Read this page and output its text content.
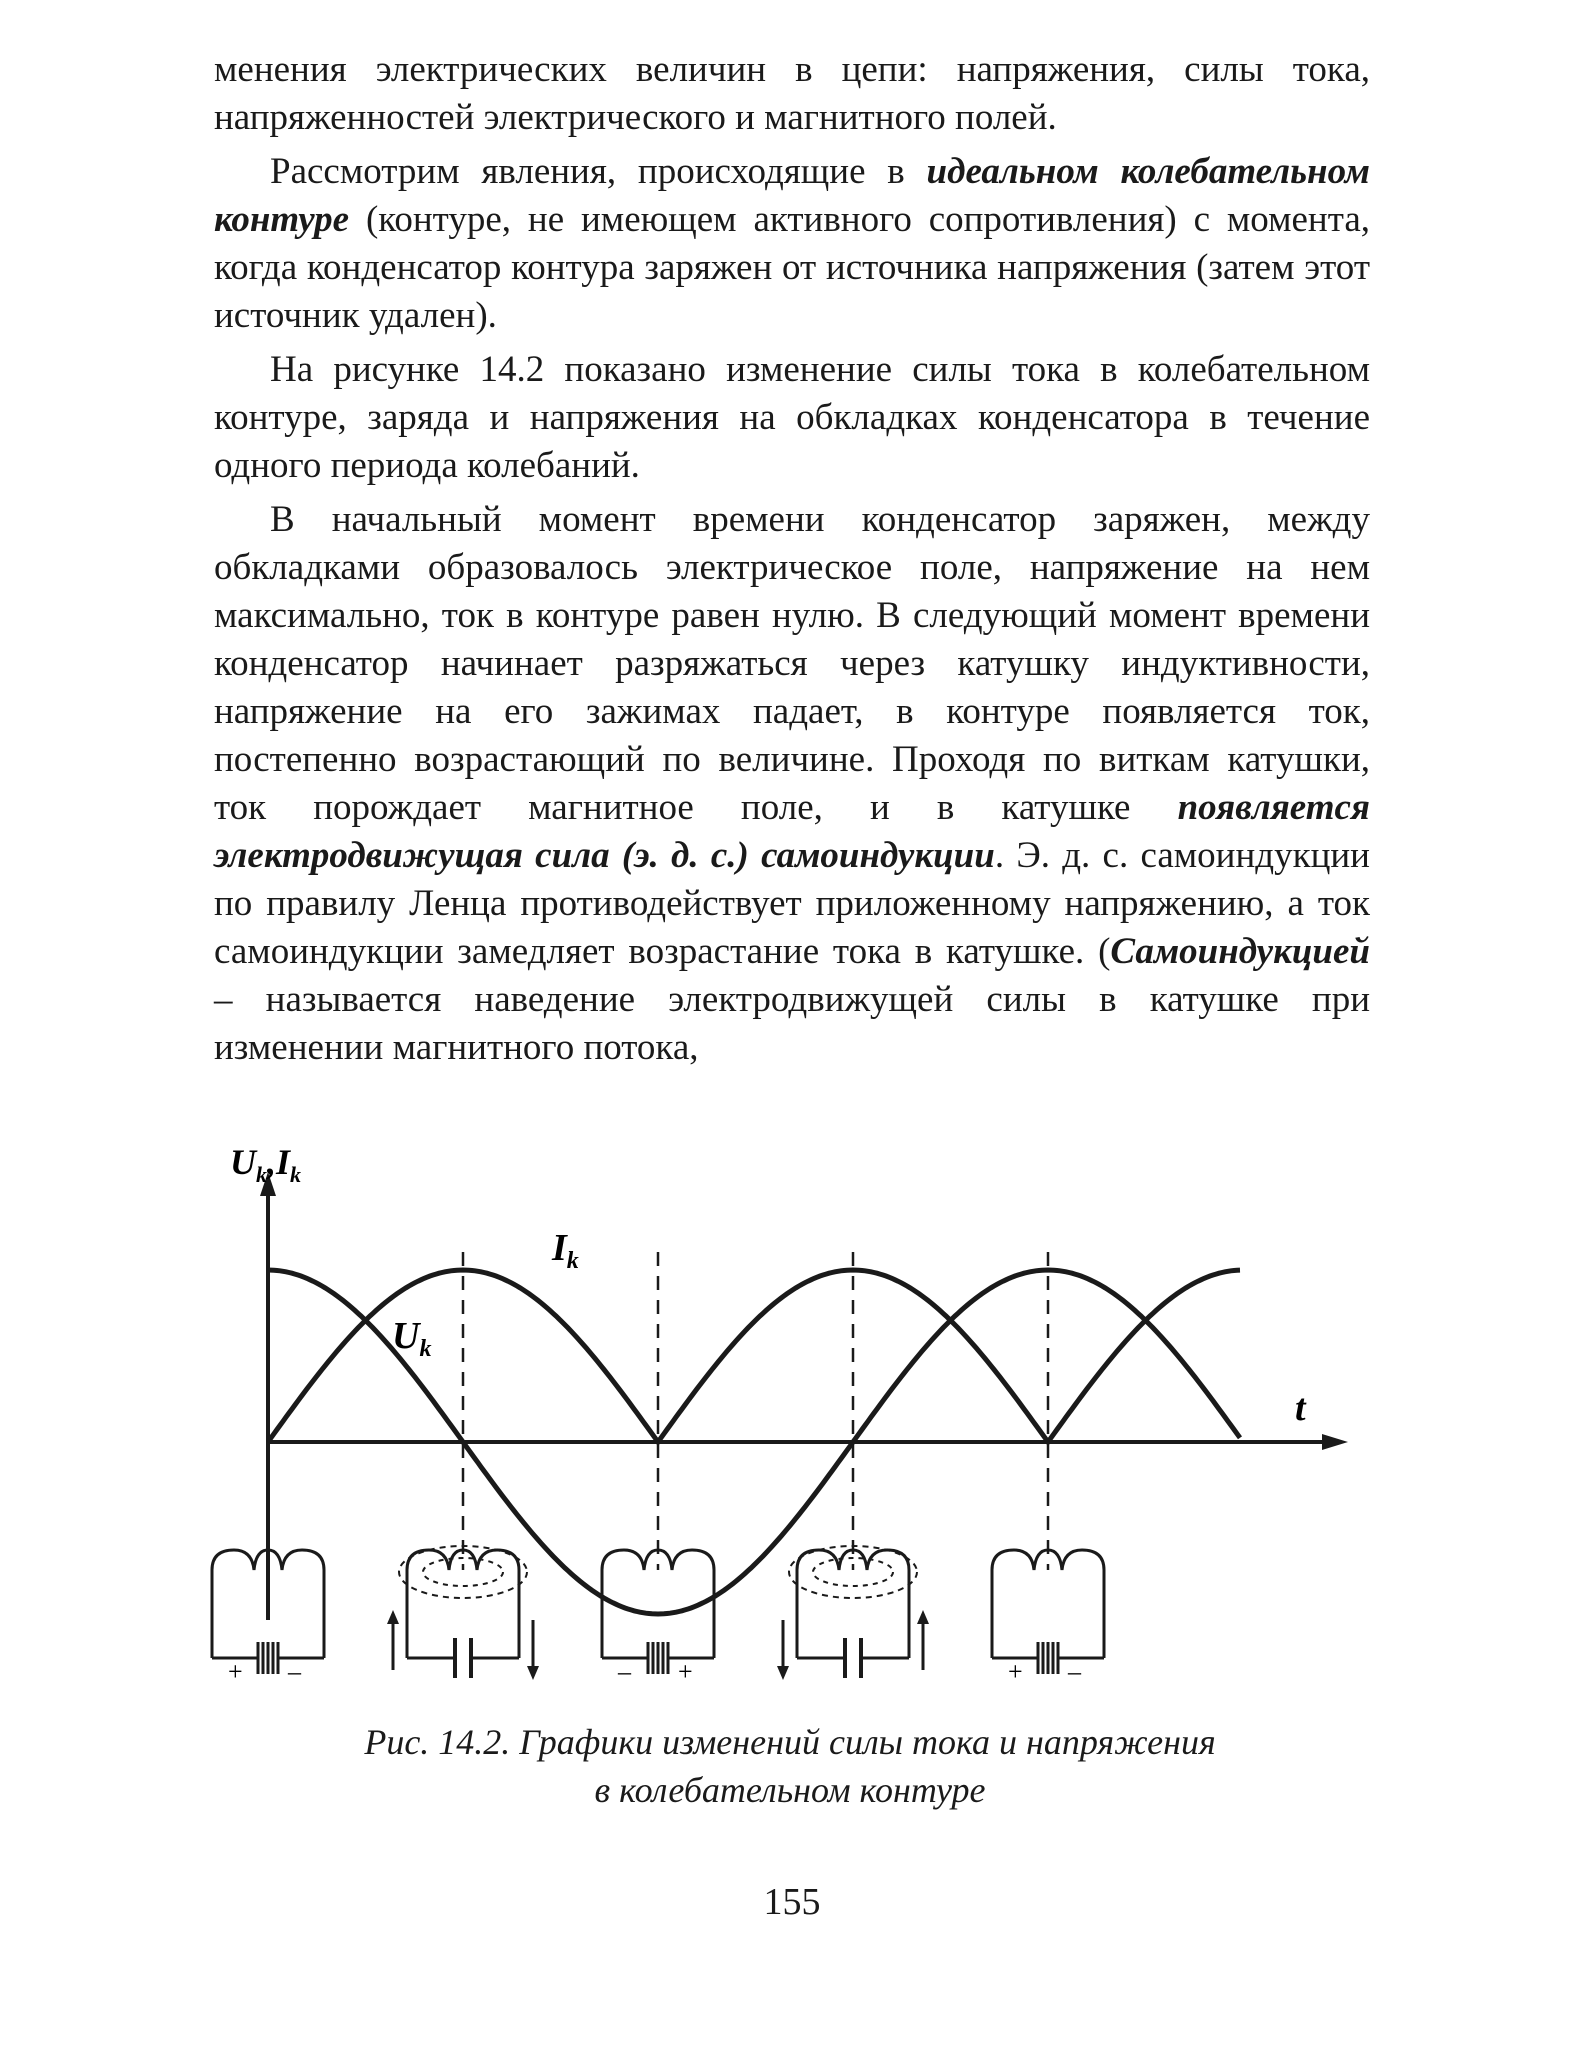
менения электрических величин в цепи: напряжения, силы тока, напряженностей электрического и магнитного полей.

Рассмотрим явления, происходящие в идеальном колебательном контуре (контуре, не имеющем активного сопротивления) с момента, когда конденсатор контура заряжен от источника напряжения (затем этот источник удален).

На рисунке 14.2 показано изменение силы тока в колебательном контуре, заряда и напряжения на обкладках конденсатора в течение одного периода колебаний.

В начальный момент времени конденсатор заряжен, между обкладками образовалось электрическое поле, напряжение на нем максимально, ток в контуре равен нулю. В следующий момент времени конденсатор начинает разряжаться через катушку индуктивности, напряжение на его зажимах падает, в контуре появляется ток, постепенно возрастающий по величине. Проходя по виткам катушки, ток порождает магнитное поле, и в катушке появляется электродвижущая сила (э. д. с.) самоиндукции. Э. д. с. самоиндукции по правилу Ленца противодействует приложенному напряжению, а ток самоиндукции замедляет возрастание тока в катушке. (Самоиндукцией – называется наведение электродвижущей силы в катушке при изменении магнитного потока,

$U_k,I_k$
t
$U_k$
$I_k$
+ –	– +	+ –
Рис. 14.2. Графики изменений силы тока и напряжения
в колебательном контуре
155
